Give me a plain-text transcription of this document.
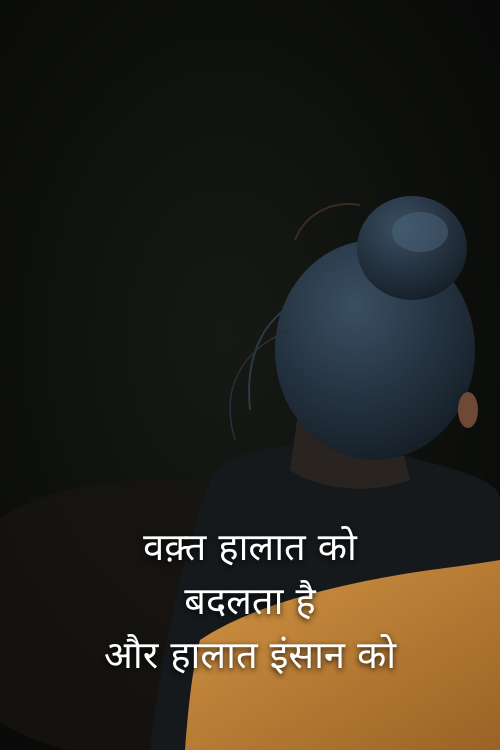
वक़्त हालात को
बदलता है
और हालात इंसान को
